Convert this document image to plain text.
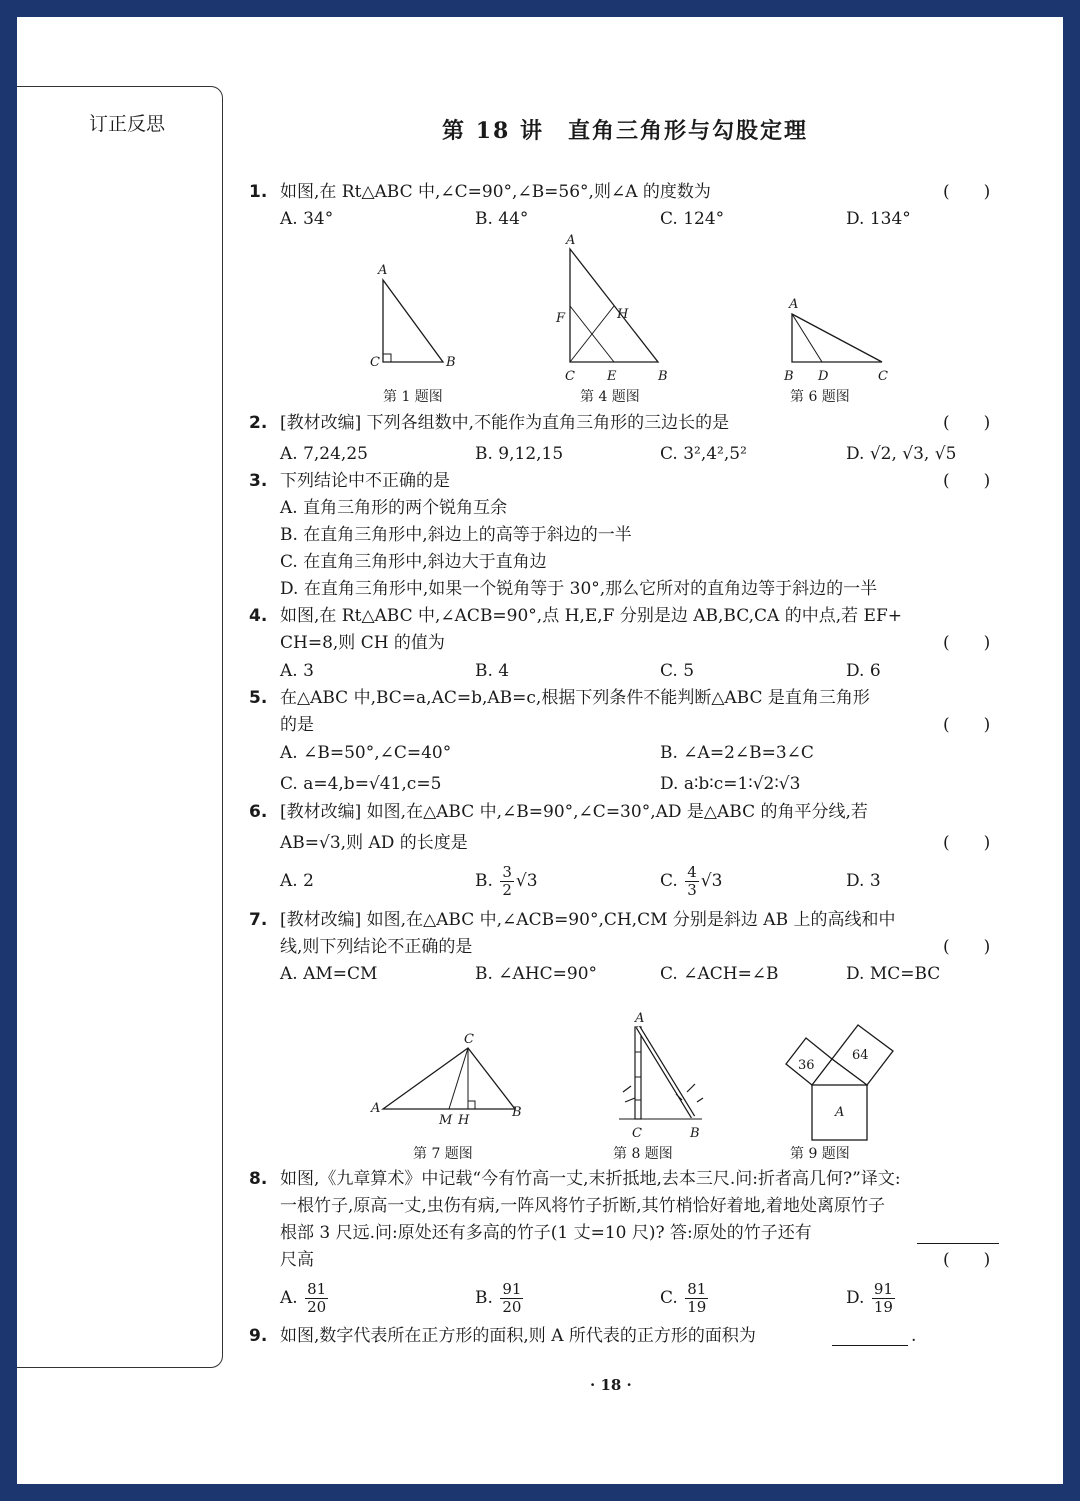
订正反思	第 18 讲　直角三角形与勾股定理
1. 如图,在 Rt△ABC 中,∠C=90°,∠B=56°,则∠A 的度数为	(　　)
A. 34°	B. 44°	C. 124°	D. 134°
A
C	B
A
F	H
C E	B
A
B D	C
第 1 题图	第 4 题图	第 6 题图
2. [教材改编] 下列各组数中,不能作为直角三角形的三边长的是	(　　)
A. 7,24,25	B. 9,12,15	C. 3²,4²,5²	D. √2, √3, √5
3. 下列结论中不正确的是	(　　)
A. 直角三角形的两个锐角互余
B. 在直角三角形中,斜边上的高等于斜边的一半
C. 在直角三角形中,斜边大于直角边
D. 在直角三角形中,如果一个锐角等于 30°,那么它所对的直角边等于斜边的一半
4. 如图,在 Rt△ABC 中,∠ACB=90°,点 H,E,F 分别是边 AB,BC,CA 的中点,若 EF+
CH=8,则 CH 的值为	(　　)
A. 3	B. 4	C. 5	D. 6
5. 在△ABC 中,BC=a,AC=b,AB=c,根据下列条件不能判断△ABC 是直角三角形
的是	(　　)
A. ∠B=50°,∠C=40°	B. ∠A=2∠B=3∠C
C. a=4,b=√41,c=5	D. a∶b∶c=1∶√2∶√3
6. [教材改编] 如图,在△ABC 中,∠B=90°,∠C=30°,AD 是△ABC 的角平分线,若
AB=√3,则 AD 的长度是	(　　)
A. 2	B. $\frac{3}{2} √3$	C. $\frac{4}{3} √3$	D. 3
7. [教材改编] 如图,在△ABC 中,∠ACB=90°,CH,CM 分别是斜边 AB 上的高线和中
线,则下列结论不正确的是	(　　)
A. AM=CM	B. ∠AHC=90°	C. ∠ACH=∠B	D. MC=BC
C
A
M H
B
A
C	B
36
64
A
第 7 题图	第 8 题图	第 9 题图
8. 如图,《九章算术》中记载“今有竹高一丈,末折抵地,去本三尺.问:折者高几何?”译文:
一根竹子,原高一丈,虫伤有病,一阵风将竹子折断,其竹梢恰好着地,着地处离原竹子
根部 3 尺远.问:原处还有多高的竹子(1 丈=10 尺)? 答:原处的竹子还有
尺高	(　　)
A. $\frac{81}{20}$	B. $\frac{91}{20}$	C. $\frac{81}{19}$	D. $\frac{91}{19}$
9. 如图,数字代表所在正方形的面积,则 A 所代表的正方形的面积为	.
· 18 ·
